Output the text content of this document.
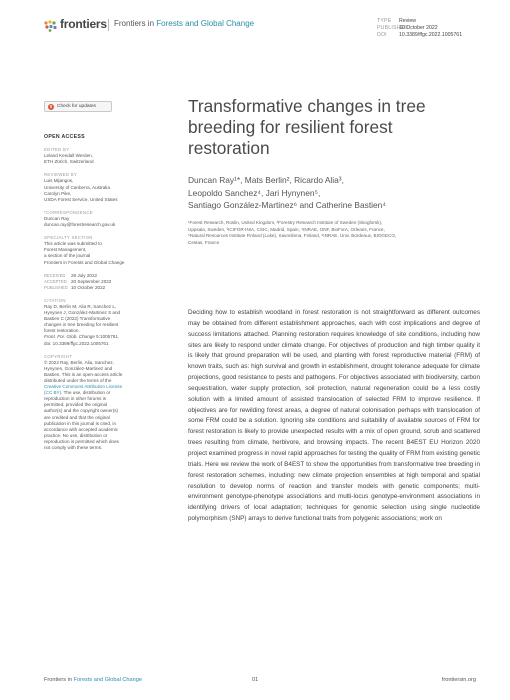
frontiers Frontiers in Forests and Global Change	TYPE Review
PUBLISHED10 October 2022
DOI 10.3389/ffgc.2022.1005761
Check for updates
OPEN ACCESS
EDITED BY
Leland Kendall Werden,
ETH Zürich, Switzerland
REVIEWED BY
Luis Mijangos,
University of Canberra, Australia
Carolyn Pike,
USDA Forest Service, United States
*CORRESPONDENCE
Duncan Ray
duncan.ray@forestresearch.gov.uk
SPECIALTY SECTION
This article was submitted to
Forest Management,
a section of the journal
Frontiers in Forests and Global Change
RECEIVED 28 July 2022
ACCEPTED 20 September 2022
PUBLISHED 10 October 2022
CITATION
Ray D, Berlin M, Alia R, Sanchez L,
Hynynen J, González-Martinez S and
Bastien C (2022) Transformative
changes in tree breeding for resilient
forest restoration.
Front. For. Glob. Change 5:1005761.
doi: 10.3389/ffgc.2022.1005761
COPYRIGHT
© 2022 Ray, Berlin, Alia, Sanchez,
Hynynen, González-Martinez and
Bastien. This is an open-access article
distributed under the terms of the
Creative Commons Attribution License
(CC BY). The use, distribution or
reproduction in other forums is
permitted, provided the original
author(s) and the copyright owner(s)
are credited and that the original
publication in this journal is cited, in
accordance with accepted academic
practice. No use, distribution or
reproduction is permitted which does
not comply with these terms.
Transformative changes in tree breeding for resilient forest restoration
Duncan Ray¹*, Mats Berlin², Ricardo Alia³,
Leopoldo Sanchez⁴, Jari Hynynen⁵,
Santiago González-Martinez⁶ and Catherine Bastien⁴
¹Forest Research, Roslin, United Kingdom, ²Forestry Research Institute of Sweden (Skogforsk),
Uppsala, Sweden, ³ICIFOR-INIA, CSIC, Madrid, Spain, ⁴INRAE, ONF, BioForA, Orleans, France,
⁵Natural Resources Institute Finland (Luke), Savonlinna, Finland, ⁶INRAE, Univ. Bordeaux, BIOGECO,
Cestas, France

Deciding how to establish woodland in forest restoration is not straightforward as different outcomes may be obtained from different establishment approaches, each with cost implications and degree of success limitations attached. Planning restoration requires knowledge of site conditions, including how sites are likely to respond under climate change. For objectives of production and high timber quality it is likely that ground preparation will be used, and planting with forest reproductive material (FRM) of known traits, such as: high survival and growth in establishment, drought tolerance adequate for climate projections, good resistance to pests and pathogens. For objectives associated with biodiversity, carbon sequestration, water supply protection, soil protection, natural regeneration could be a less costly solution with a limited amount of assisted translocation of selected FRM to improve resilience. If objectives are for rewilding forest areas, a degree of natural colonisation perhaps with translocation of some FRM could be a solution. Ignoring site conditions and suitability of available sources of FRM for forest restoration is likely to provide unexpected results with a mix of open ground, scrub and scattered trees resulting from climate, herbivore, and browsing impacts. The recent B4EST EU Horizon 2020 project examined progress in novel rapid approaches for testing the quality of FRM from existing genetic trials. Here we review the work of B4EST to show the opportunities from transformative tree breeding in forest restoration schemes, including: new climate projection ensembles at high temporal and spatial resolution to develop norms of reaction and transfer models with genetic components; multi-environment genotype-phenotype associations and multi-locus genotype-environment associations in identifying drivers of local adaptation; techniques for genomic selection using single nucleotide polymorphism (SNP) arrays to derive functional traits from polygenic associations; work on

Frontiers in Forests and Global Change	01	frontiersin.org
